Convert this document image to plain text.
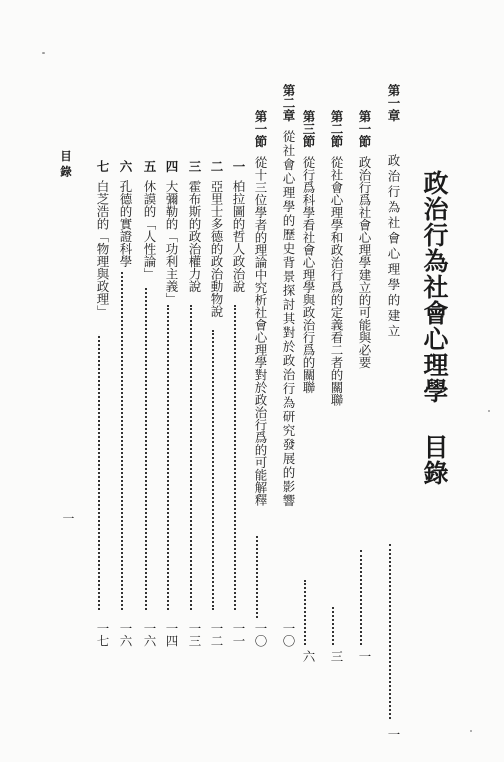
政治行為社會心理學 目錄
第一章
政治行為社會心理學的建立
一
第一節
政治行爲社會心理學建立的可能與必要
一
第二節
從社會心理學和政治行爲的定義看二者的關聯
三
第三節
從行爲科學看社會心理學與政治行爲的關聯
六
第二章
從社會心理學的歷史背景探討其對於政治行為研究發展的影響
一〇
第一節
從十三位學者的理論中究析社會心理學對於政治行爲的可能解釋
一〇
一
柏拉圖的哲人政治說
一一
二
亞里士多德的政治動物說
一二
三
霍布斯的政治權力說
一三
四
大彌勒的「功利主義」
一四
五
休謨的「人性論」
一六
六
孔德的實證科學
一六
七
白芝浩的「物理與政理」
一七
目錄
一
